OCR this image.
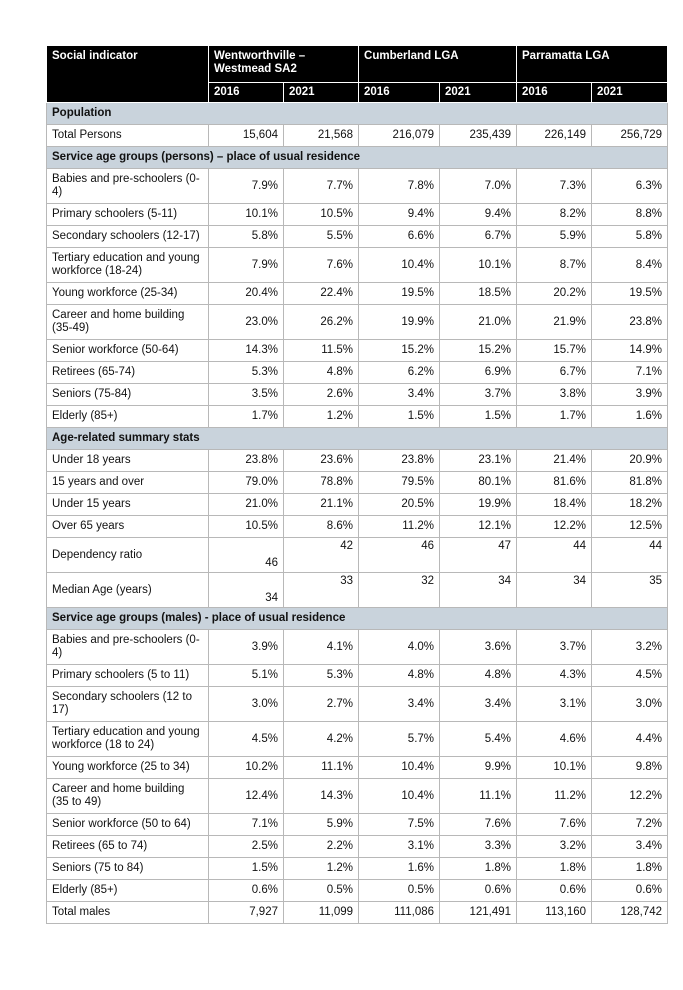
Social indicator	Wentworthville – Westmead SA2		Cumberland LGA		Parramatta LGA	
	2016	2021	2016	2021	2016	2021
Population						
Total Persons	15,604	21,568	216,079	235,439	226,149	256,729
Service age groups (persons) – place of usual residence						
Babies and pre-schoolers (0-4)	7.9%	7.7%	7.8%	7.0%	7.3%	6.3%
Primary schoolers (5-11)	10.1%	10.5%	9.4%	9.4%	8.2%	8.8%
Secondary schoolers (12-17)	5.8%	5.5%	6.6%	6.7%	5.9%	5.8%
Tertiary education and young workforce (18-24)	7.9%	7.6%	10.4%	10.1%	8.7%	8.4%
Young workforce (25-34)	20.4%	22.4%	19.5%	18.5%	20.2%	19.5%
Career and home building (35-49)	23.0%	26.2%	19.9%	21.0%	21.9%	23.8%
Senior workforce (50-64)	14.3%	11.5%	15.2%	15.2%	15.7%	14.9%
Retirees (65-74)	5.3%	4.8%	6.2%	6.9%	6.7%	7.1%
Seniors (75-84)	3.5%	2.6%	3.4%	3.7%	3.8%	3.9%
Elderly (85+)	1.7%	1.2%	1.5%	1.5%	1.7%	1.6%
Age-related summary stats						
Under 18 years	23.8%	23.6%	23.8%	23.1%	21.4%	20.9%
15 years and over	79.0%	78.8%	79.5%	80.1%	81.6%	81.8%
Under 15 years	21.0%	21.1%	20.5%	19.9%	18.4%	18.2%
Over 65 years	10.5%	8.6%	11.2%	12.1%	12.2%	12.5%
Dependency ratio	46	42	46	47	44	44
Median Age (years)	34	33	32	34	34	35
Service age groups (males) - place of usual residence						
Babies and pre-schoolers (0-4)	3.9%	4.1%	4.0%	3.6%	3.7%	3.2%
Primary schoolers (5 to 11)	5.1%	5.3%	4.8%	4.8%	4.3%	4.5%
Secondary schoolers (12 to 17)	3.0%	2.7%	3.4%	3.4%	3.1%	3.0%
Tertiary education and young workforce (18 to 24)	4.5%	4.2%	5.7%	5.4%	4.6%	4.4%
Young workforce (25 to 34)	10.2%	11.1%	10.4%	9.9%	10.1%	9.8%
Career and home building (35 to 49)	12.4%	14.3%	10.4%	11.1%	11.2%	12.2%
Senior workforce (50 to 64)	7.1%	5.9%	7.5%	7.6%	7.6%	7.2%
Retirees (65 to 74)	2.5%	2.2%	3.1%	3.3%	3.2%	3.4%
Seniors (75 to 84)	1.5%	1.2%	1.6%	1.8%	1.8%	1.8%
Elderly (85+)	0.6%	0.5%	0.5%	0.6%	0.6%	0.6%
Total males	7,927	11,099	111,086	121,491	113,160	128,742
